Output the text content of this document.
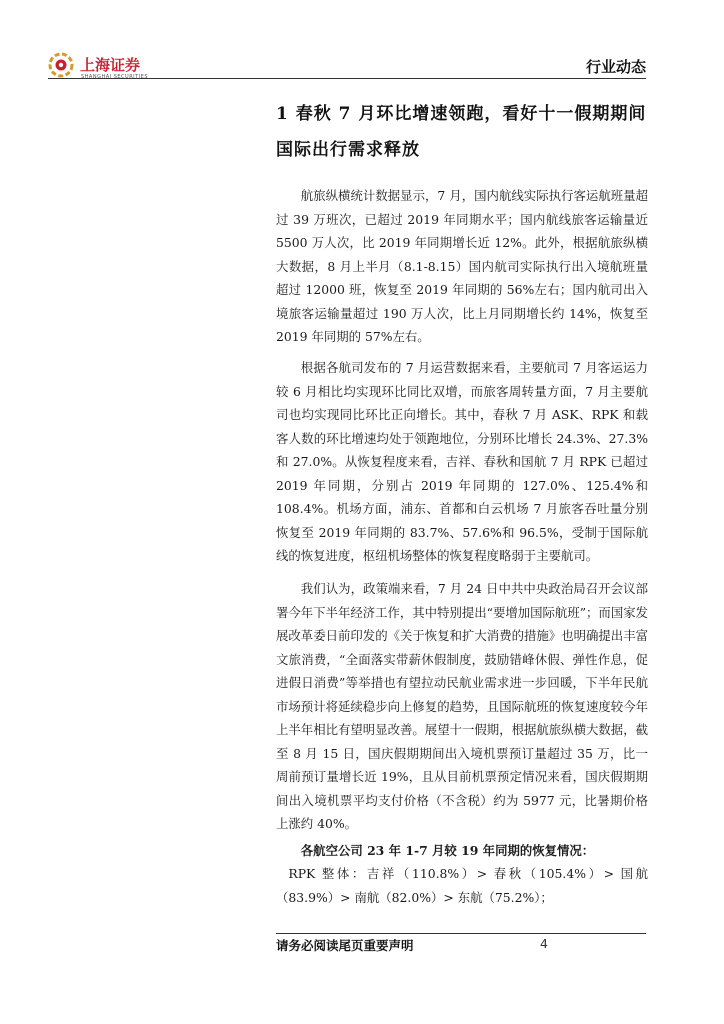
上海证券
SHANGHAI SECURITIES
行业动态
1 春秋 7 月环比增速领跑，看好十一假期期间国际出行需求释放

航旅纵横统计数据显示，7 月，国内航线实际执行客运航班量超过 39 万班次，已超过 2019 年同期水平；国内航线旅客运输量近 5500 万人次，比 2019 年同期增长近 12%。此外，根据航旅纵横大数据，8 月上半月（8.1-8.15）国内航司实际执行出入境航班量超过 12000 班，恢复至 2019 年同期的 56%左右；国内航司出入境旅客运输量超过 190 万人次，比上月同期增长约 14%，恢复至 2019 年同期的 57%左右。

根据各航司发布的 7 月运营数据来看，主要航司 7 月客运运力较 6 月相比均实现环比同比双增，而旅客周转量方面，7 月主要航司也均实现同比环比正向增长。其中，春秋 7 月 ASK、RPK 和载客人数的环比增速均处于领跑地位，分别环比增长 24.3%、27.3%和 27.0%。从恢复程度来看，吉祥、春秋和国航 7 月 RPK 已超过 2019 年同期，分别占 2019 年同期的 127.0%、125.4%和 108.4%。机场方面，浦东、首都和白云机场 7 月旅客吞吐量分别恢复至 2019 年同期的 83.7%、57.6%和 96.5%，受制于国际航线的恢复进度，枢纽机场整体的恢复程度略弱于主要航司。

我们认为，政策端来看，7 月 24 日中共中央政治局召开会议部署今年下半年经济工作，其中特别提出“要增加国际航班”；而国家发展改革委日前印发的《关于恢复和扩大消费的措施》也明确提出丰富文旅消费，“全面落实带薪休假制度，鼓励错峰休假、弹性作息，促进假日消费”等举措也有望拉动民航业需求进一步回暖，下半年民航市场预计将延续稳步向上修复的趋势，且国际航班的恢复速度较今年上半年相比有望明显改善。展望十一假期，根据航旅纵横大数据，截至 8 月 15 日，国庆假期期间出入境机票预订量超过 35 万，比一周前预订量增长近 19%，且从目前机票预定情况来看，国庆假期期间出入境机票平均支付价格（不含税）约为 5977 元，比暑期价格上涨约 40%。

各航空公司 23 年 1-7 月较 19 年同期的恢复情况：

RPK 整体：吉祥（110.8%）> 春秋（105.4%）> 国航（83.9%）> 南航（82.0%）> 东航（75.2%）；

请务必阅读尾页重要声明	4
